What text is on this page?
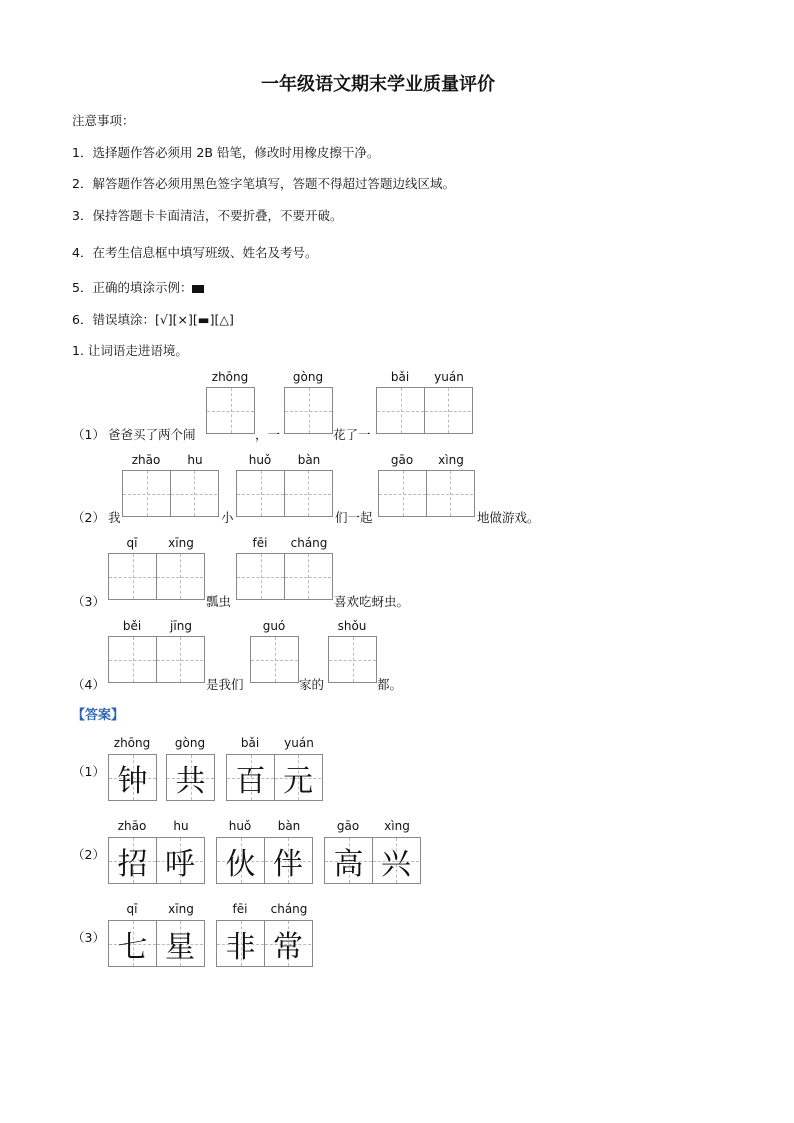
一年级语文期末学业质量评价
注意事项：
1．选择题作答必须用 2B 铅笔，修改时用橡皮擦干净。
2．解答题作答必须用黑色签字笔填写，答题不得超过答题边线区域。
3．保持答题卡卡面清洁，不要折叠，不要开破。
4．在考生信息框中填写班级、姓名及考号。
5．正确的填涂示例：
6．错误填涂：[√][×][▬][△]
1. 让词语走进语境。
zhōng	gòng	bǎi	yuán
（1） 爸爸买了两个闹	，一	花了一
zhāo	hu	huǒ	bàn	gāo	xìng
（2） 我	小	们一起	地做游戏。
qī	xīng	fēi	cháng
（3）	瓢虫	喜欢吃蚜虫。
běi	jīng	guó	shǒu
（4）	是我们	家的	都。
【答案】
zhōng	gòng	bǎi	yuán
（1） 钟 共 百 元
zhāo	hu	huǒ	bàn	gāo	xìng
（2） 招 呼 伙 伴 高 兴
qī	xīng	fēi	cháng
（3） 七 星 非 常
